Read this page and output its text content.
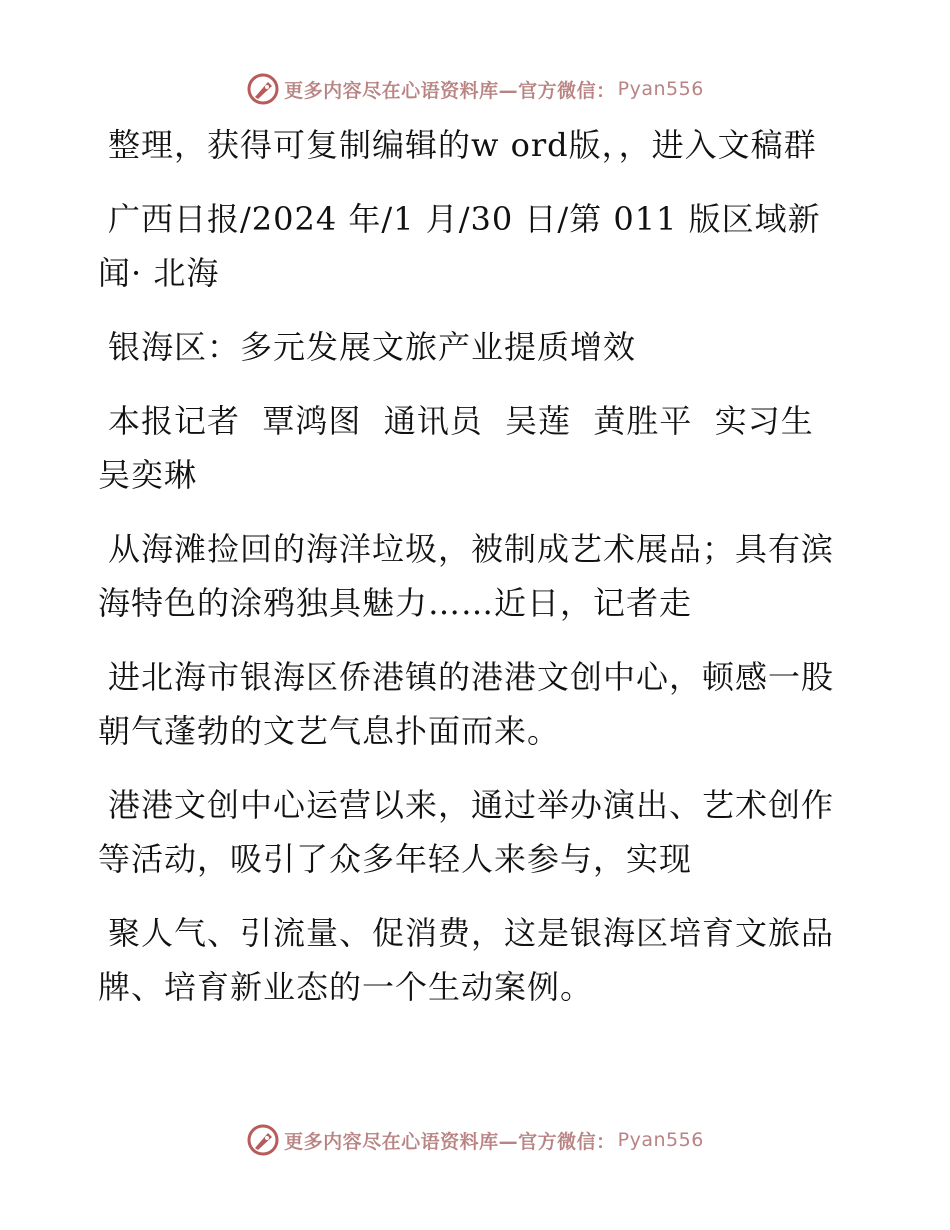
更多内容尽在心语资料库—官方微信： Pyan556

整理，获得可复制编辑的w ord版，，进入文稿群

广西日报/2024 年/1 月/30 日/第 011 版区域新闻· 北海

银海区：多元发展文旅产业提质增效

本报记者  覃鸿图  通讯员  吴莲  黄胜平  实习生  吴奕琳

从海滩捡回的海洋垃圾，被制成艺术展品；具有滨海特色的涂鸦独具魅力……近日，记者走

进北海市银海区侨港镇的港港文创中心，顿感一股朝气蓬勃的文艺气息扑面而来。

港港文创中心运营以来，通过举办演出、艺术创作等活动，吸引了众多年轻人来参与，实现

聚人气、引流量、促消费，这是银海区培育文旅品牌、培育新业态的一个生动案例。

更多内容尽在心语资料库—官方微信： Pyan556
